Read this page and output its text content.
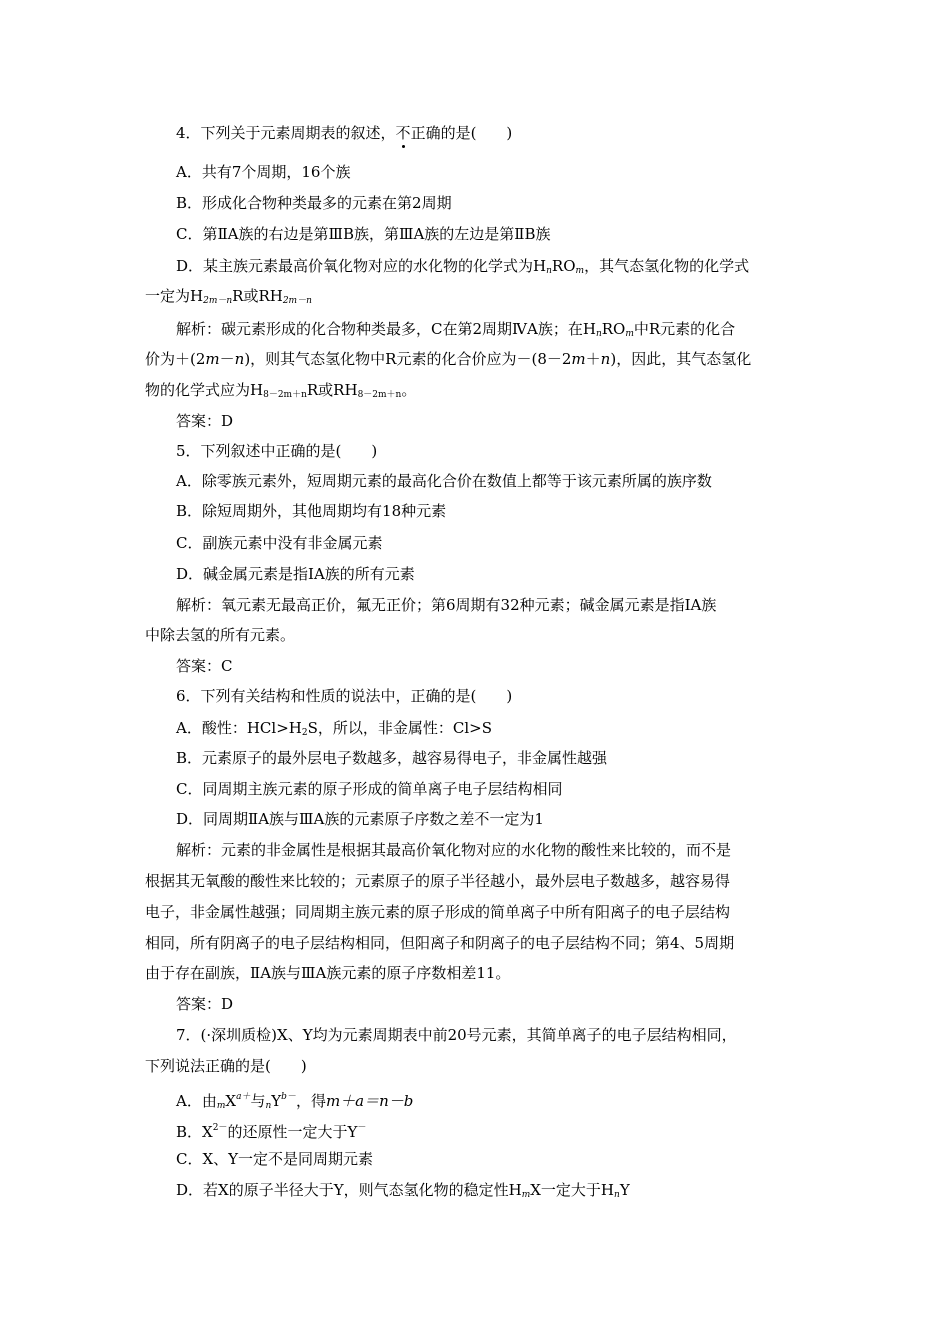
4．下列关于元素周期表的叙述，不正确的是(　　)
A．共有7个周期，16个族
B．形成化合物种类最多的元素在第2周期
C．第ⅡA族的右边是第ⅢB族，第ⅢA族的左边是第ⅡB族
D．某主族元素最高价氧化物对应的水化物的化学式为$H_nRO_m$，其气态氢化物的化学式
一定为$H_{2m-n}R$或$RH_{2m-n}$
解析：碳元素形成的化合物种类最多，C在第2周期ⅣA族；在$H_nRO_m$中R元素的化合
价为＋(2m－n)，则其气态氢化物中R元素的化合价应为－(8－2m＋n)，因此，其气态氢化
物的化学式应为$H_{8-2m+n}R$或$RH_{8-2m+n}$。
答案：D
5．下列叙述中正确的是(　　)
A．除零族元素外，短周期元素的最高化合价在数值上都等于该元素所属的族序数
B．除短周期外，其他周期均有18种元素
C．副族元素中没有非金属元素
D．碱金属元素是指ⅠA族的所有元素
解析：氧元素无最高正价，氟无正价；第6周期有32种元素；碱金属元素是指ⅠA族
中除去氢的所有元素。
答案：C
6．下列有关结构和性质的说法中，正确的是(　　)
A．酸性：$HCl>H_2S$，所以，非金属性：Cl>S
B．元素原子的最外层电子数越多，越容易得电子，非金属性越强
C．同周期主族元素的原子形成的简单离子电子层结构相同
D．同周期ⅡA族与ⅢA族的元素原子序数之差不一定为1
解析：元素的非金属性是根据其最高价氧化物对应的水化物的酸性来比较的，而不是
根据其无氧酸的酸性来比较的；元素原子的原子半径越小，最外层电子数越多，越容易得
电子，非金属性越强；同周期主族元素的原子形成的简单离子中所有阳离子的电子层结构
相同，所有阴离子的电子层结构相同，但阳离子和阴离子的电子层结构不同；第4、5周期
由于存在副族，ⅡA族与ⅢA族元素的原子序数相差11。
答案：D
7．(·深圳质检)X、Y均为元素周期表中前20号元素，其简单离子的电子层结构相同，
下列说法正确的是(　　)
A．由$mX^{a+}$与$nY^{b-}$，得m＋a＝n－b
B．$X^{2-}$的还原性一定大于Y－
C．X、Y一定不是同周期元素
D．若X的原子半径大于Y，则气态氢化物的稳定性$H_mX$一定大于$H_nY$
